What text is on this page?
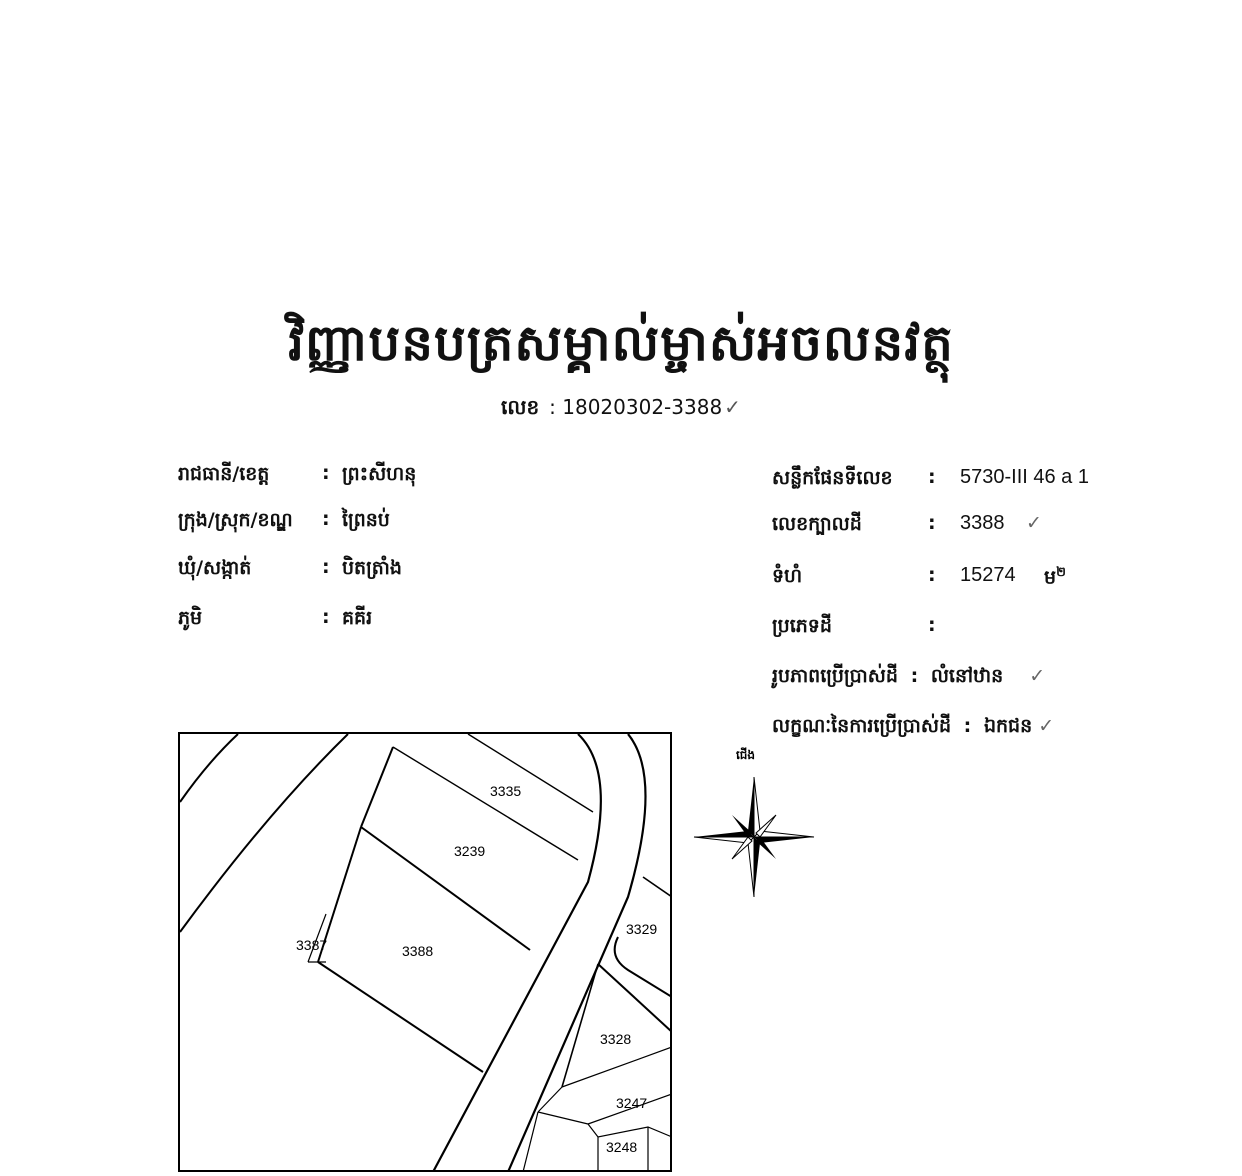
វិញ្ញាបនបត្រសម្គាល់ម្ចាស់អចលនវត្ថុ
លេខ : 18020302-3388 ✓
រាជធានី/ខេត្ត	: ព្រះសីហនុ
ក្រុង/ស្រុក/ខណ្ឌ : ព្រៃនប់
ឃុំ/សង្កាត់	: បិតត្រាំង
ភូមិ	: គគីរ
សន្លឹកផែនទីលេខ : 5730-III 46 a 1
លេខក្បាលដី	: 3388 ✓
ទំហំ	: 15274 ម$^២$
ប្រភេទដី	:
រូបភាពប្រើប្រាស់ដី  :  លំនៅឋាន ✓
លក្ខណៈនៃការប្រើប្រាស់ដី  :  ឯកជន ✓
3335
3239
3329
3387	3388
3328
3247
3248
ជើង
